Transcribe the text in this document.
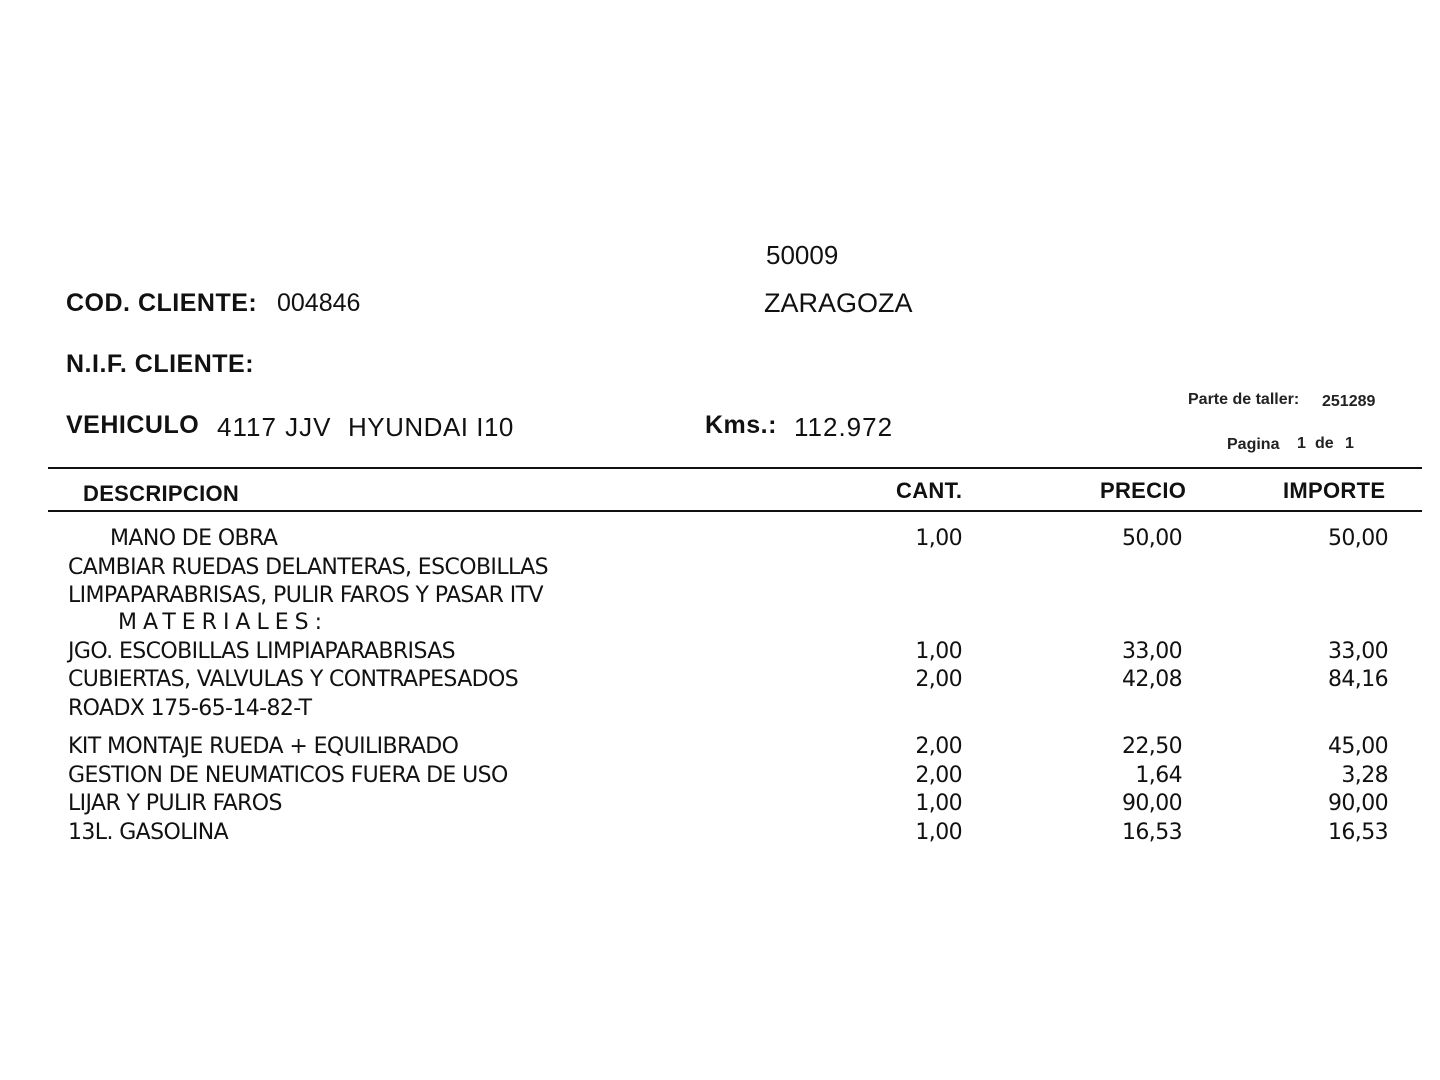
50009
ZARAGOZA
COD. CLIENTE: 004846
N.I.F. CLIENTE:
VEHICULO 4117 JJV HYUNDAI I10	Kms.: 112.972
Parte de taller: 251289
Pagina 1 de 1
DESCRIPCION	CANT.	PRECIO	IMPORTE
MANO DE OBRA	1,00	50,00	50,00
CAMBIAR RUEDAS DELANTERAS, ESCOBILLAS
LIMPAPARABRISAS, PULIR FAROS Y PASAR ITV
MATERIALES:
JGO. ESCOBILLAS LIMPIAPARABRISAS	1,00	33,00	33,00
CUBIERTAS, VALVULAS Y CONTRAPESADOS	2,00	42,08	84,16
ROADX 175-65-14-82-T
KIT MONTAJE RUEDA + EQUILIBRADO	2,00	22,50	45,00
GESTION DE NEUMATICOS FUERA DE USO	2,00	1,64	3,28
LIJAR Y PULIR FAROS	1,00	90,00	90,00
13L. GASOLINA	1,00	16,53	16,53
